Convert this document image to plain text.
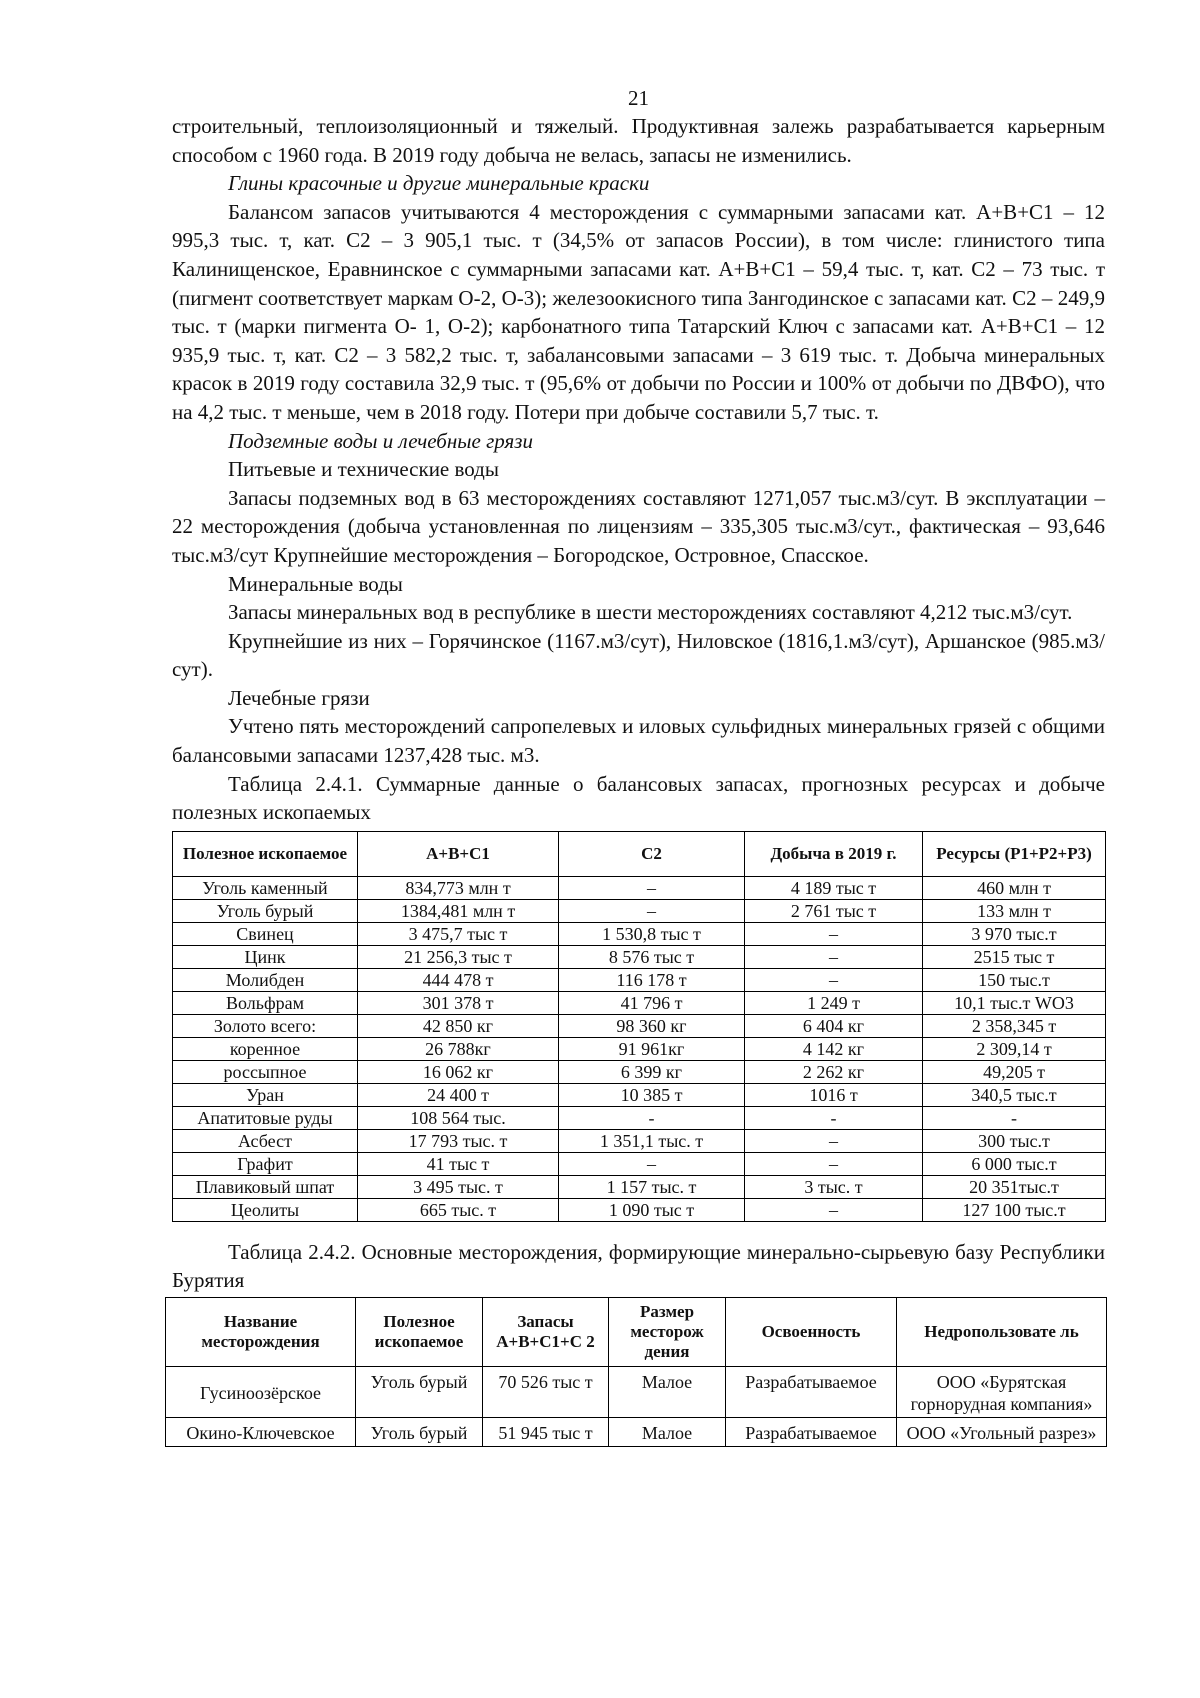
21

строительный, теплоизоляционный и тяжелый. Продуктивная залежь разрабатывается карьерным способом с 1960 года. В 2019 году добыча не велась, запасы не изменились.

Глины красочные и другие минеральные краски

Балансом запасов учитываются 4 месторождения с суммарными запасами кат. А+В+С1 – 12 995,3 тыс. т, кат. С2 – 3 905,1 тыс. т (34,5% от запасов России), в том числе: глинистого типа Калинищенское, Еравнинское с суммарными запасами кат. А+В+С1 – 59,4 тыс. т, кат. С2 – 73 тыс. т (пигмент соответствует маркам О-2, О-3); железоокисного типа Зангодинское с запасами кат. С2 – 249,9 тыс. т (марки пигмента О- 1, О-2); карбонатного типа Татарский Ключ с запасами кат. А+В+С1 – 12 935,9 тыс. т, кат. С2 – 3 582,2 тыс. т, забалансовыми запасами – 3 619 тыс. т. Добыча минеральных красок в 2019 году составила 32,9 тыс. т (95,6% от добычи по России и 100% от добычи по ДВФО), что на 4,2 тыс. т меньше, чем в 2018 году. Потери при добыче составили 5,7 тыс. т.

Подземные воды и лечебные грязи

Питьевые и технические воды

Запасы подземных вод в 63 месторождениях составляют 1271,057 тыс.м3/сут. В эксплуатации – 22 месторождения (добыча установленная по лицензиям – 335,305 тыс.м3/сут., фактическая – 93,646 тыс.м3/сут Крупнейшие месторождения – Богородское, Островное, Спасское.

Минеральные воды

Запасы минеральных вод в республике в шести месторождениях составляют 4,212 тыс.м3/сут.

Крупнейшие из них – Горячинское (1167.м3/сут), Ниловское (1816,1.м3/сут), Аршанское (985.м3/сут).

Лечебные грязи

Учтено пять месторождений сапропелевых и иловых сульфидных минеральных грязей с общими балансовыми запасами 1237,428 тыс. м3.

Таблица 2.4.1. Суммарные данные о балансовых запасах, прогнозных ресурсах и добыче полезных ископаемых

Полезное ископаемое	А+В+С1	С2	Добыча в 2019 г.	Ресурсы (Р1+Р2+Р3)
Уголь каменный	834,773 млн т	–	4 189 тыс т	460 млн т
Уголь бурый	1384,481 млн т	–	2 761 тыс т	133 млн т
Свинец	3 475,7 тыс т	1 530,8 тыс т	–	3 970 тыс.т
Цинк	21 256,3 тыс т	8 576 тыс т	–	2515 тыс т
Молибден	444 478 т	116 178 т	–	150 тыс.т
Вольфрам	301 378 т	41 796 т	1 249 т	10,1 тыс.т WO3
Золото всего:	42 850 кг	98 360 кг	6 404 кг	2 358,345 т
коренное	26 788кг	91 961кг	4 142 кг	2 309,14 т
россыпное	16 062 кг	6 399 кг	2 262 кг	49,205 т
Уран	24 400 т	10 385 т	1016 т	340,5 тыс.т
Апатитовые руды	108 564 тыс.	-	-	-
Асбест	17 793 тыс. т	1 351,1 тыс. т	–	300 тыс.т
Графит	41 тыс т	–	–	6 000 тыс.т
Плавиковый шпат	3 495 тыс. т	1 157 тыс. т	3 тыс. т	20 351тыс.т
Цеолиты	665 тыс. т	1 090 тыс т	–	127 100 тыс.т

Таблица 2.4.2. Основные месторождения, формирующие минерально-сырьевую базу Республики Бурятия

Название месторождения	Полезное ископаемое	Запасы А+В+С1+С 2	Размер месторож дения	Освоенность	Недропользовате ль
Гусиноозёрское	Уголь бурый	70 526 тыс т	Малое	Разрабатываемое	ООО «Бурятская горнорудная компания»
Окино-Ключевское	Уголь бурый	51 945 тыс т	Малое	Разрабатываемое	ООО «Угольный разрез»
